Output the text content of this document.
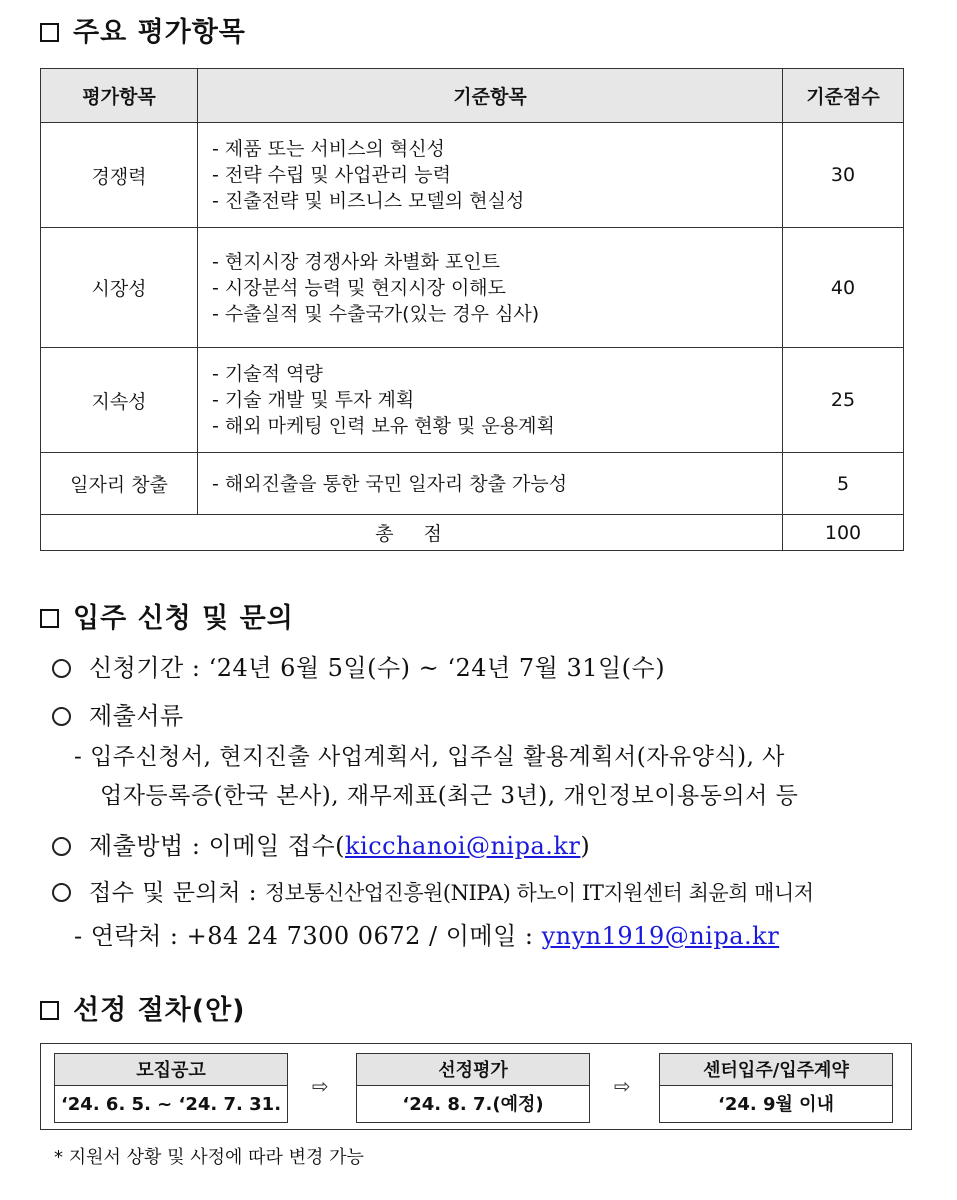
주요 평가항목
평가항목	기준항목	기준점수
경쟁력	- 제품 또는 서비스의 혁신성
- 전략 수립 및 사업관리 능력
- 진출전략 및 비즈니스 모델의 현실성	30
시장성	- 현지시장 경쟁사와 차별화 포인트
- 시장분석 능력 및 현지시장 이해도
- 수출실적 및 수출국가(있는 경우 심사)	40
지속성	- 기술적 역량
- 기술 개발 및 투자 계획
- 해외 마케팅 인력 보유 현황 및 운용계획	25
일자리 창출	- 해외진출을 통한 국민 일자리 창출 가능성	5
총  점		100
입주 신청 및 문의
신청기간 : ‘24년 6월 5일(수) ~ ‘24년 7월 31일(수)
제출서류
- 입주신청서, 현지진출 사업계획서, 입주실 활용계획서(자유양식), 사
업자등록증(한국 본사), 재무제표(최근 3년), 개인정보이용동의서 등
제출방법 : 이메일 접수(kicchanoi@nipa.kr)
접수 및 문의처 : 정보통신산업진흥원(NIPA) 하노이 IT지원센터 최윤희 매니저
- 연락처 : +84 24 7300 0672 / 이메일 : ynyn1919@nipa.kr
선정 절차(안)
모집공고
‘24. 6. 5. ~ ‘24. 7. 31.
⇨
선정평가
‘24. 8. 7.(예정)
⇨
센터입주/입주계약
‘24. 9월 이내
* 지원서 상황 및 사정에 따라 변경 가능
